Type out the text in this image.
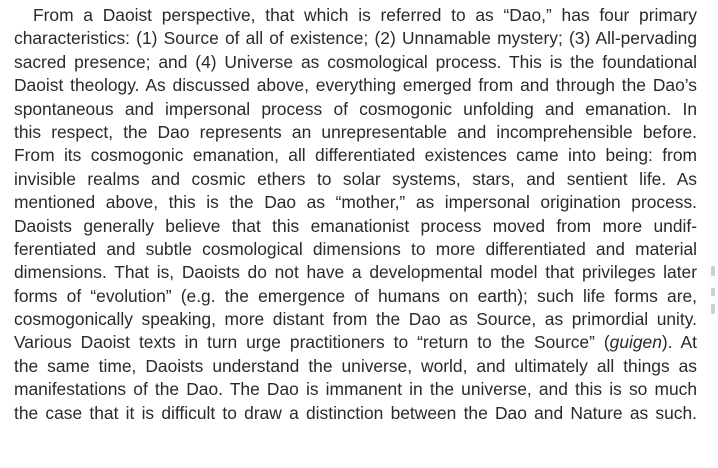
From a Daoist perspective, that which is referred to as “Dao,” has four primary
characteristics: (1) Source of all of existence; (2) Unnamable mystery; (3) All-pervading
sacred presence; and (4) Universe as cosmological process. This is the foundational
Daoist theology. As discussed above, everything emerged from and through the Dao’s
spontaneous and impersonal process of cosmogonic unfolding and emanation. In
this respect, the Dao represents an unrepresentable and incomprehensible before.
From its cosmogonic emanation, all differentiated existences came into being: from
invisible realms and cosmic ethers to solar systems, stars, and sentient life. As
mentioned above, this is the Dao as “mother,” as impersonal origination process.
Daoists generally believe that this emanationist process moved from more undif-
ferentiated and subtle cosmological dimensions to more differentiated and material
dimensions. That is, Daoists do not have a developmental model that privileges later
forms of “evolution” (e.g. the emergence of humans on earth); such life forms are,
cosmogonically speaking, more distant from the Dao as Source, as primordial unity.
Various Daoist texts in turn urge practitioners to “return to the Source” (guigen). At
the same time, Daoists understand the universe, world, and ultimately all things as
manifestations of the Dao. The Dao is immanent in the universe, and this is so much
the case that it is difficult to draw a distinction between the Dao and Nature as such.
